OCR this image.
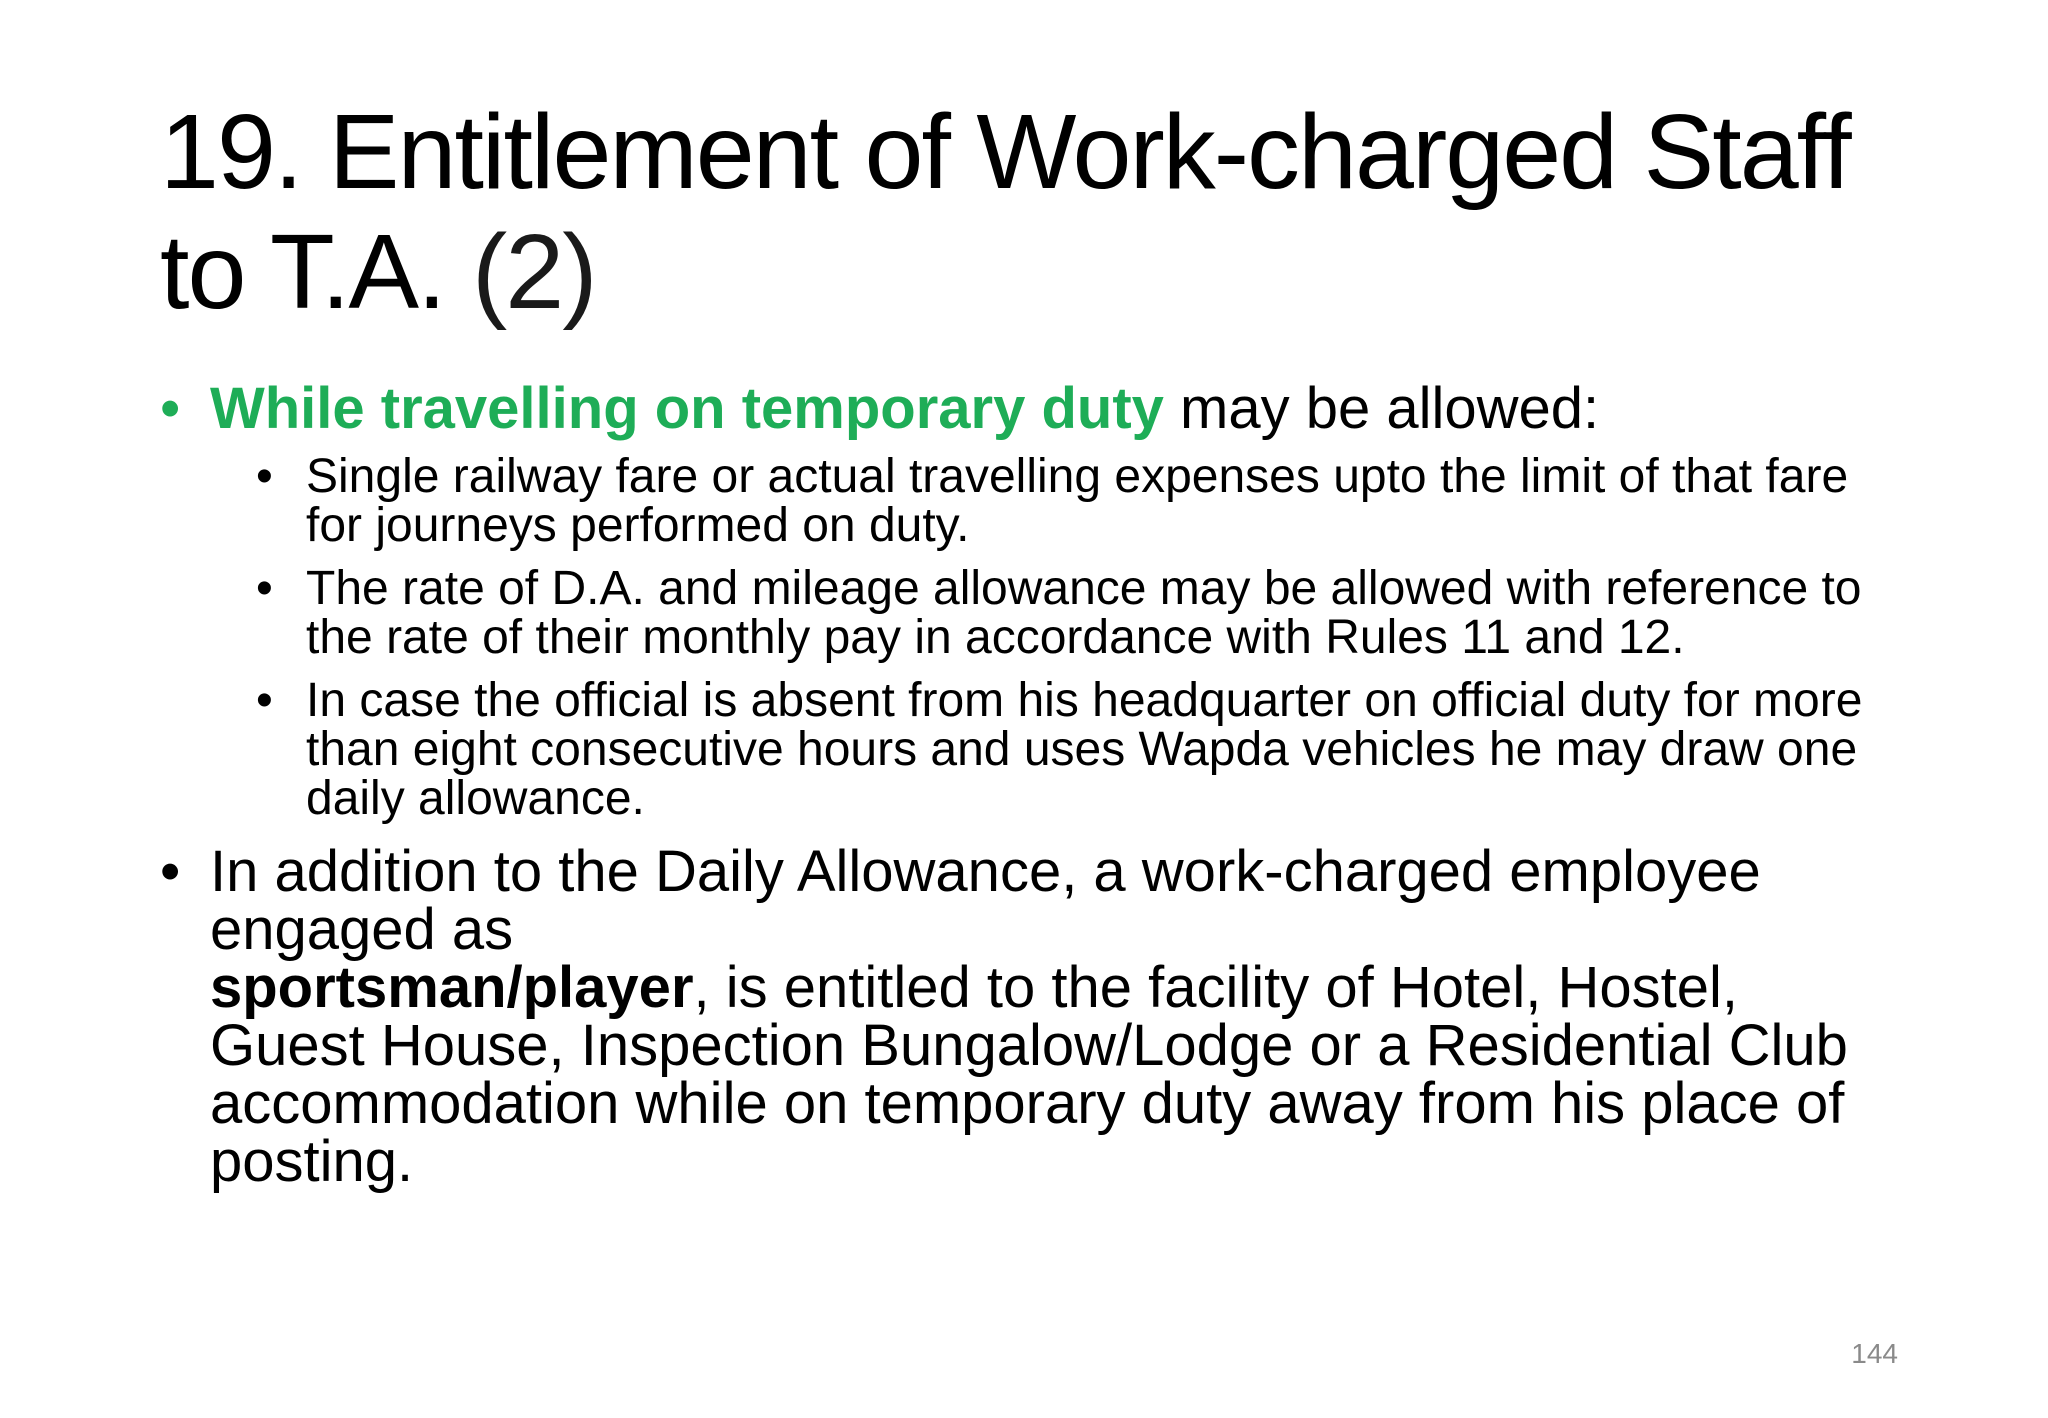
19. Entitlement of Work-charged Staff
to T.A. (2)
• While travelling on temporary duty may be allowed:
• Single railway fare or actual travelling expenses upto the limit of that fare for journeys performed on duty.
• The rate of D.A. and mileage allowance may be allowed with reference to the rate of their monthly pay in accordance with Rules 11 and 12.
• In case the official is absent from his headquarter on official duty for more than eight consecutive hours and uses Wapda vehicles he may draw one daily allowance.
• In addition to the Daily Allowance, a work-charged employee engaged as
sportsman/player, is entitled to the facility of Hotel, Hostel, Guest House, Inspection Bungalow/Lodge or a Residential Club accommodation while on temporary duty away from his place of posting.
144
